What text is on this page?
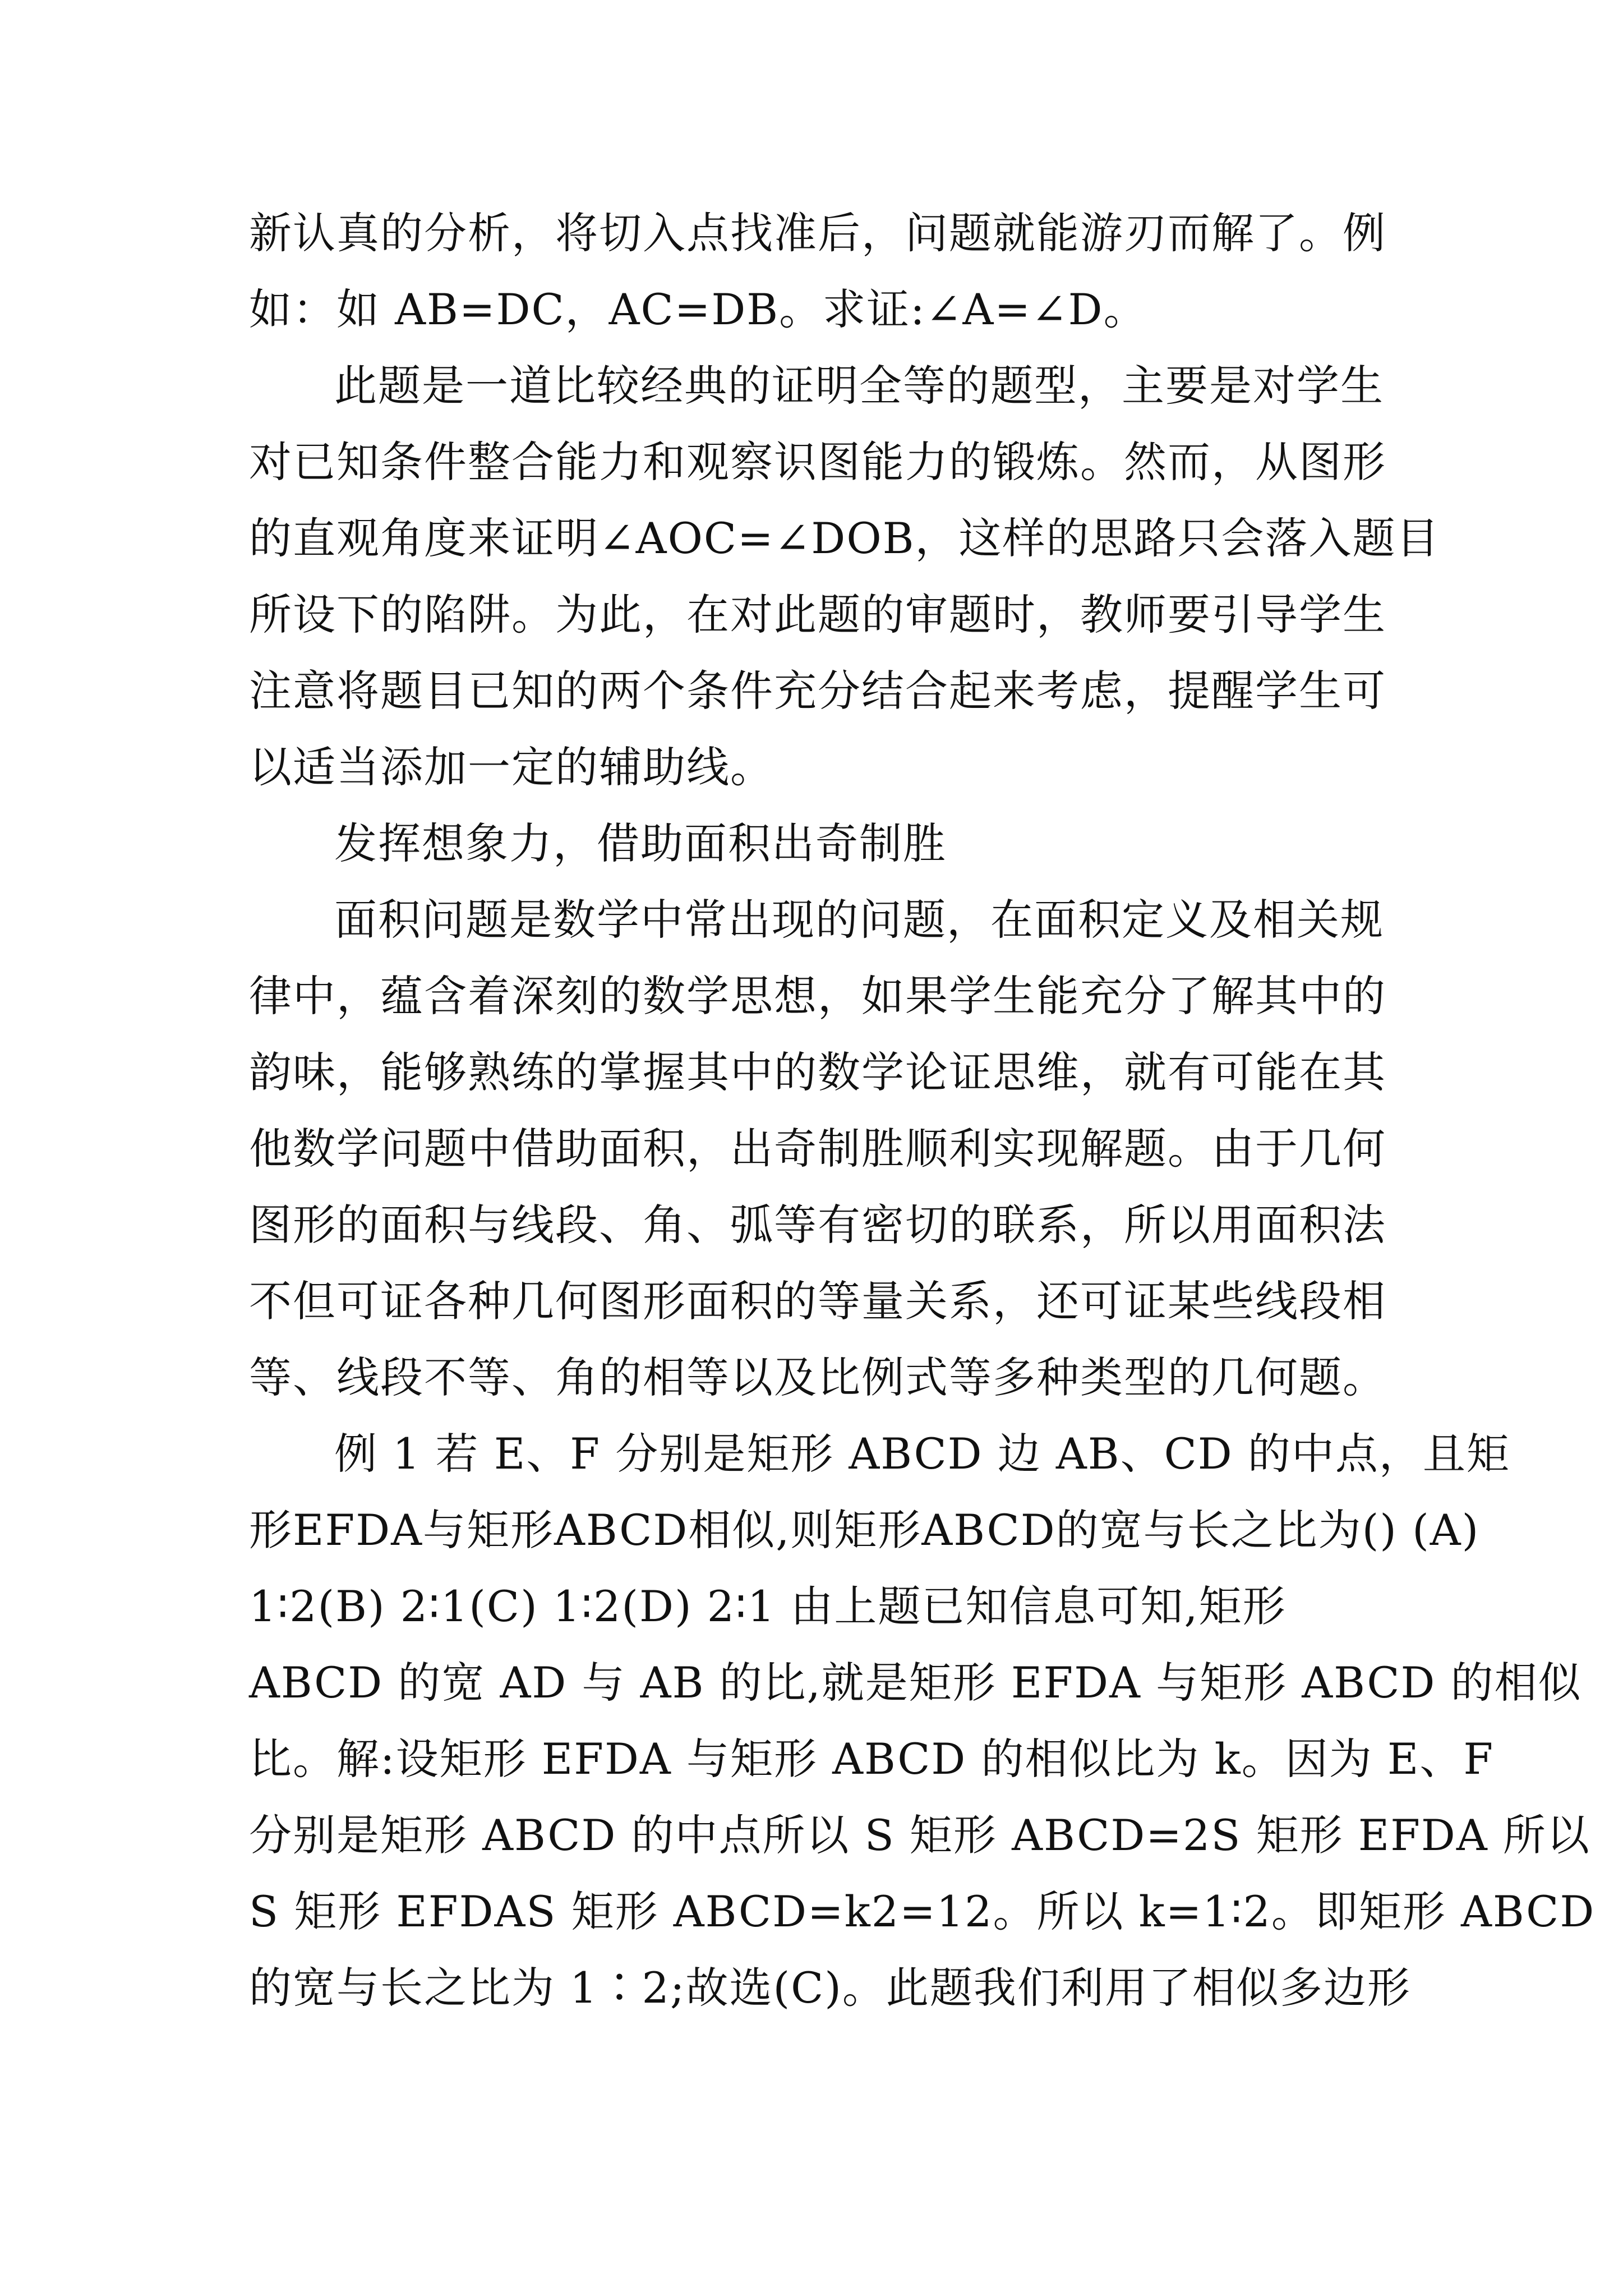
新认真的分析，将切入点找准后，问题就能游刃而解了。例
如：如 AB=DC，AC=DB。求证:∠A=∠D。
此题是一道比较经典的证明全等的题型，主要是对学生
对已知条件整合能力和观察识图能力的锻炼。然而，从图形
的直观角度来证明∠AOC=∠DOB，这样的思路只会落入题目
所设下的陷阱。为此，在对此题的审题时，教师要引导学生
注意将题目已知的两个条件充分结合起来考虑，提醒学生可
以适当添加一定的辅助线。
发挥想象力，借助面积出奇制胜
面积问题是数学中常出现的问题，在面积定义及相关规
律中，蕴含着深刻的数学思想，如果学生能充分了解其中的
韵味，能够熟练的掌握其中的数学论证思维，就有可能在其
他数学问题中借助面积，出奇制胜顺利实现解题。由于几何
图形的面积与线段、角、弧等有密切的联系，所以用面积法
不但可证各种几何图形面积的等量关系，还可证某些线段相
等、线段不等、角的相等以及比例式等多种类型的几何题。
例 1 若 E、F 分别是矩形 ABCD 边 AB、CD 的中点，且矩
形EFDA与矩形ABCD相似,则矩形ABCD的宽与长之比为() (A)
1∶2(B) 2∶1(C) 1∶2(D) 2∶1 由上题已知信息可知,矩形
ABCD 的宽 AD 与 AB 的比,就是矩形 EFDA 与矩形 ABCD 的相似
比。解:设矩形 EFDA 与矩形 ABCD 的相似比为 k。因为 E、F
分别是矩形 ABCD 的中点所以 S 矩形 ABCD=2S 矩形 EFDA 所以
S 矩形 EFDAS 矩形 ABCD=k2=12。所以 k=1∶2。即矩形 ABCD
的宽与长之比为 1∶2;故选(C)。此题我们利用了相似多边形
